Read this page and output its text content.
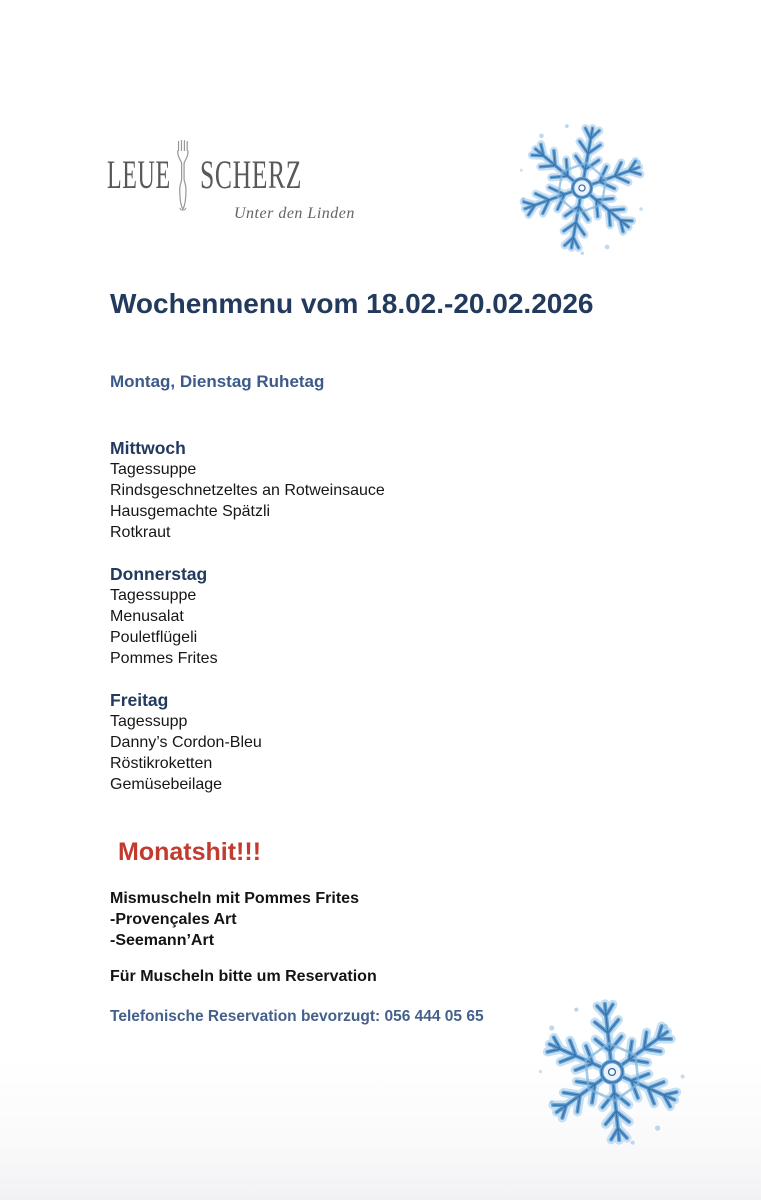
LEUE SCHERZ
Unter den Linden
Wochenmenu vom 18.02.-20.02.2026
Montag, Dienstag Ruhetag
Mittwoch
Tagessuppe
Rindsgeschnetzeltes an Rotweinsauce
Hausgemachte Spätzli
Rotkraut
Donnerstag
Tagessuppe
Menusalat
Pouletflügeli
Pommes Frites
Freitag
Tagessupp
Danny’s Cordon-Bleu
Röstikroketten
Gemüsebeilage
Monatshit!!!
Mismuscheln mit Pommes Frites
-Provençales Art
-Seemann’Art
Für Muscheln bitte um Reservation
Telefonische Reservation bevorzugt: 056 444 05 65
